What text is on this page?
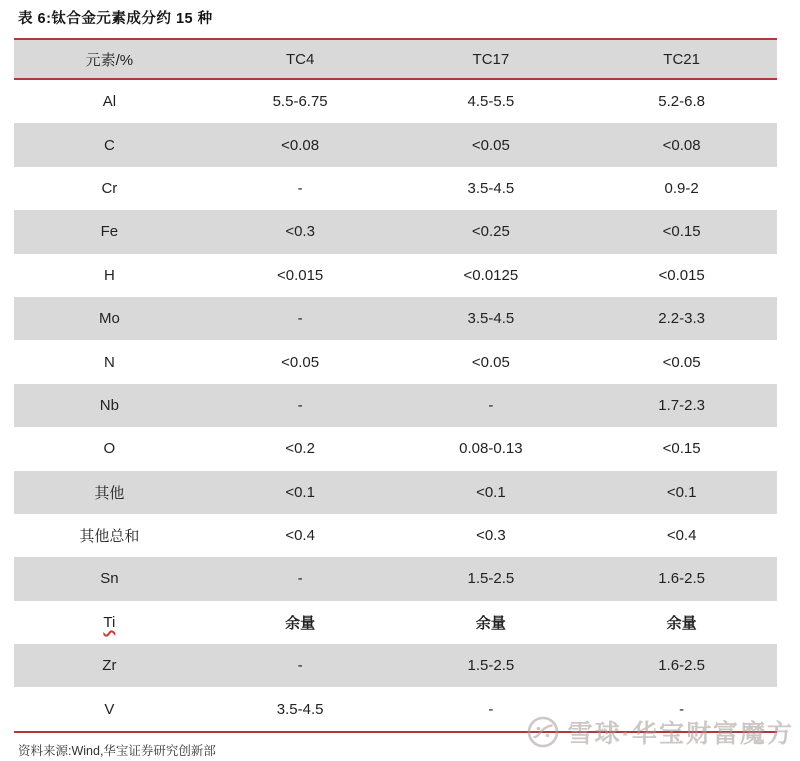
表 6:钛合金元素成分约 15 种
元素/%	TC4	TC17	TC21
Al	5.5-6.75	4.5-5.5	5.2-6.8
C	<0.08	<0.05	<0.08
Cr	-	3.5-4.5	0.9-2
Fe	<0.3	<0.25	<0.15
H	<0.015	<0.0125	<0.015
Mo	-	3.5-4.5	2.2-3.3
N	<0.05	<0.05	<0.05
Nb	-	-	1.7-2.3
O	<0.2	0.08-0.13	<0.15
其他	<0.1	<0.1	<0.1
其他总和	<0.4	<0.3	<0.4
Sn	-	1.5-2.5	1.6-2.5
Ti	余量	余量	余量
Zr	-	1.5-2.5	1.6-2.5
V	3.5-4.5	-	-
资料来源:Wind,华宝证券研究创新部
雪球·华宝财富魔方
